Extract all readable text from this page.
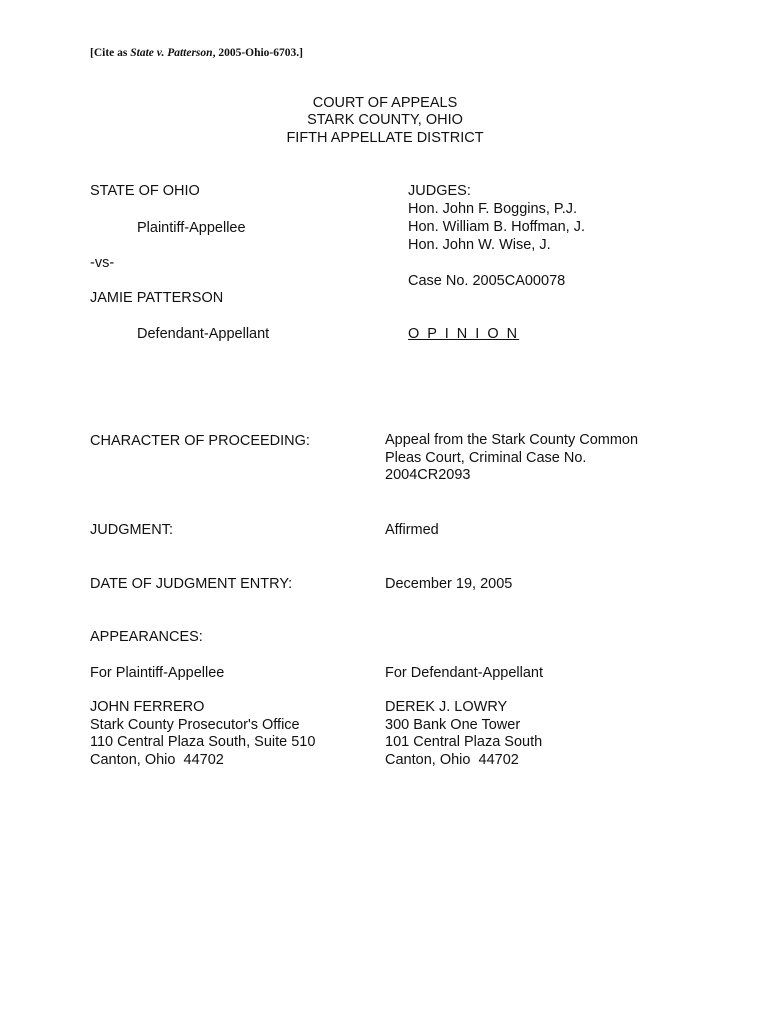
[Cite as State v. Patterson, 2005-Ohio-6703.]
COURT OF APPEALS
STARK COUNTY, OHIO
FIFTH APPELLATE DISTRICT
STATE OF OHIO
Plaintiff-Appellee
-vs-
JAMIE PATTERSON
Defendant-Appellant
JUDGES:
Hon. John F. Boggins, P.J.
Hon. William B. Hoffman, J.
Hon. John W. Wise, J.
Case No. 2005CA00078
O P I N I O N
CHARACTER OF PROCEEDING:	Appeal from the Stark County Common
Pleas Court, Criminal Case No.
2004CR2093
JUDGMENT:	Affirmed
DATE OF JUDGMENT ENTRY:	December 19, 2005
APPEARANCES:
For Plaintiff-Appellee	For Defendant-Appellant
JOHN FERRERO
Stark County Prosecutor's Office
110 Central Plaza South, Suite 510
Canton, Ohio  44702
DEREK J. LOWRY
300 Bank One Tower
101 Central Plaza South
Canton, Ohio  44702
